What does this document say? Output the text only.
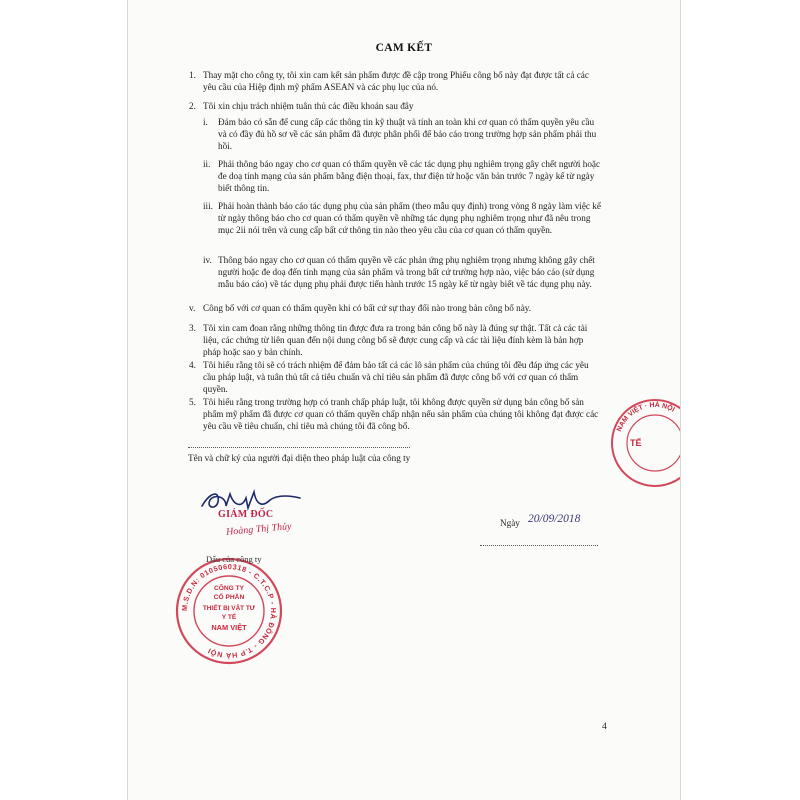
CAM KẾT
1. Thay mặt cho công ty, tôi xin cam kết sản phẩm được đề cập trong Phiếu công bố này đạt được tất cả các yêu cầu của Hiệp định mỹ phẩm ASEAN và các phụ lục của nó.
2. Tôi xin chịu trách nhiệm tuân thủ các điều khoản sau đây
i. Đảm bảo có sẵn để cung cấp các thông tin kỹ thuật và tính an toàn khi cơ quan có thẩm quyền yêu cầu và có đầy đủ hồ sơ về các sản phẩm đã được phân phối để báo cáo trong trường hợp sản phẩm phải thu hồi.
ii. Phải thông báo ngay cho cơ quan có thẩm quyền về các tác dụng phụ nghiêm trọng gây chết người hoặc đe doạ tính mạng của sản phẩm bằng điện thoại, fax, thư điện tử hoặc văn bản trước 7 ngày kể từ ngày biết thông tin.
iii. Phải hoàn thành báo cáo tác dụng phụ của sản phẩm (theo mẫu quy định) trong vòng 8 ngày làm việc kể từ ngày thông báo cho cơ quan có thẩm quyền về những tác dụng phụ nghiêm trọng như đã nêu trong mục 2ii nói trên và cung cấp bất cứ thông tin nào theo yêu cầu của cơ quan có thẩm quyền.
iv. Thông báo ngay cho cơ quan có thẩm quyền về các phản ứng phụ nghiêm trọng nhưng không gây chết người hoặc đe doạ đến tính mạng của sản phẩm và trong bất cứ trường hợp nào, việc báo cáo (sử dụng mẫu báo cáo) về tác dụng phụ phải được tiến hành trước 15 ngày kể từ ngày biết về tác dụng phụ này.
v. Công bố với cơ quan có thẩm quyền khi có bất cứ sự thay đổi nào trong bản công bố này.
3. Tôi xin cam đoan rằng những thông tin được đưa ra trong bản công bố này là đúng sự thật. Tất cả các tài liệu, các chứng từ liên quan đến nội dung công bố sẽ được cung cấp và các tài liệu đính kèm là bản hợp pháp hoặc sao y bản chính.
4. Tôi hiểu rằng tôi sẽ có trách nhiệm để đảm bảo tất cả các lô sản phẩm của chúng tôi đều đáp ứng các yêu cầu pháp luật, và tuân thủ tất cả tiêu chuẩn và chỉ tiêu sản phẩm đã được công bố với cơ quan có thẩm quyền.
5. Tôi hiểu rằng trong trường hợp có tranh chấp pháp luật, tôi không được quyền sử dụng bản công bố sản phẩm mỹ phẩm đã được cơ quan có thẩm quyền chấp nhận nếu sản phẩm của chúng tôi không đạt được các yêu cầu về tiêu chuẩn, chỉ tiêu mà chúng tôi đã công bố.
Tên và chữ ký của người đại diện theo pháp luật của công ty
GIÁM ĐỐC
Hoàng Thị Thủy
M.S.D.N: 0105060318 - C.T.C.P - HÀ ĐÔNG - T.P HÀ NỘI
CÔNG TY
CỔ PHẦN
THIẾT BỊ VẬT TƯ
Y TẾ
NAM VIỆT
Dấu của công ty
NAM VIỆT · HÀ NỘI
TẾ
Ngày 20/09/2018
4
